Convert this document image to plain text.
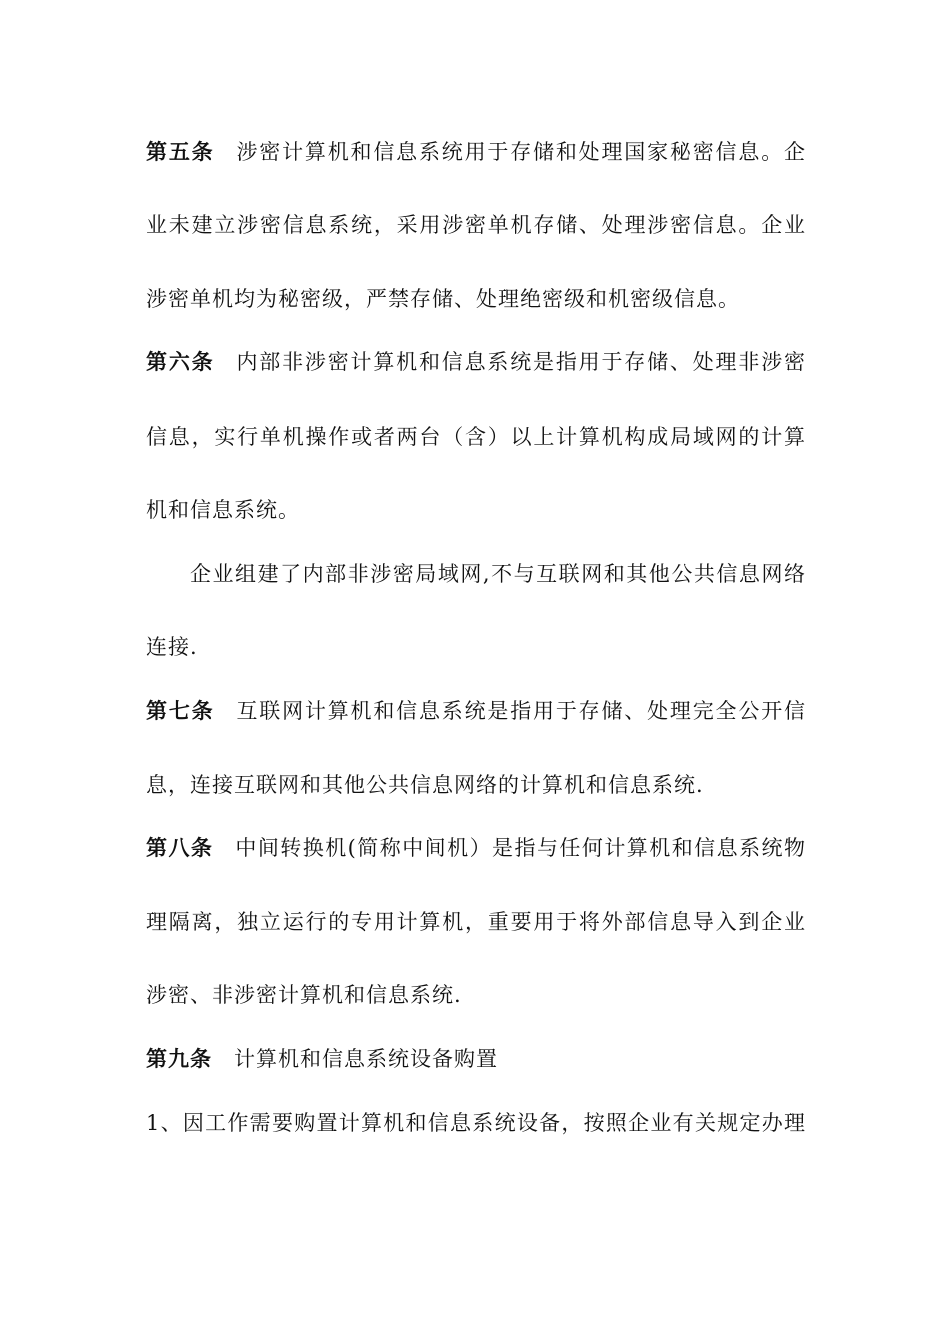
第五条 涉密计算机和信息系统用于存储和处理国家秘密信息。企
业未建立涉密信息系统，采用涉密单机存储、处理涉密信息。企业
涉密单机均为秘密级，严禁存储、处理绝密级和机密级信息。
第六条 内部非涉密计算机和信息系统是指用于存储、处理非涉密
信息，实行单机操作或者两台（含）以上计算机构成局域网的计算
机和信息系统。
企业组建了内部非涉密局域网,不与互联网和其他公共信息网络
连接.
第七条 互联网计算机和信息系统是指用于存储、处理完全公开信
息，连接互联网和其他公共信息网络的计算机和信息系统.
第八条 中间转换机(简称中间机）是指与任何计算机和信息系统物
理隔离，独立运行的专用计算机，重要用于将外部信息导入到企业
涉密、非涉密计算机和信息系统.
第九条 计算机和信息系统设备购置
1、因工作需要购置计算机和信息系统设备，按照企业有关规定办理
